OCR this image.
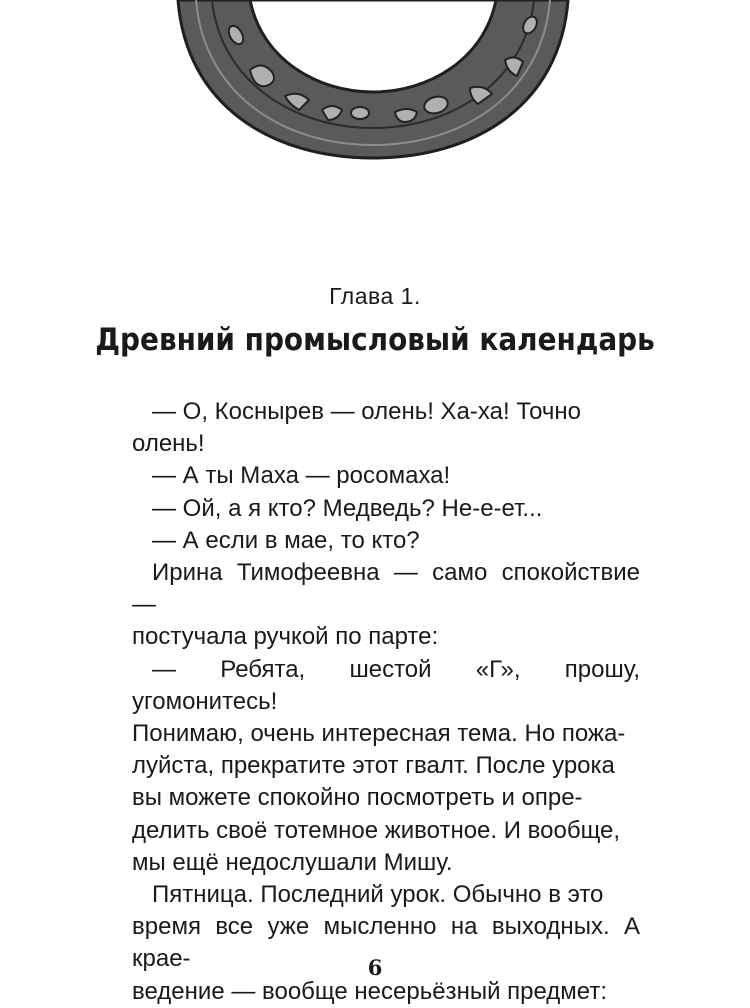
Глава 1.
Древний промысловый календарь
— О, Коснырев — олень! Ха-ха! Точно
олень!
— А ты Маха — росомаха!
— Ой, а я кто? Медведь? Не-е-ет...
— А если в мае, то кто?
Ирина Тимофеевна — само спокойствие —
постучала ручкой по парте:
— Ребята, шестой «Г», прошу, угомонитесь!
Понимаю, очень интересная тема. Но пожа-
луйста, прекратите этот гвалт. После урока
вы можете спокойно посмотреть и опре-
делить своё тотемное животное. И вообще,
мы ещё недослушали Мишу.
Пятница. Последний урок. Обычно в это
время все уже мысленно на выходных. А крае-
ведение — вообще несерьёзный предмет:
6
